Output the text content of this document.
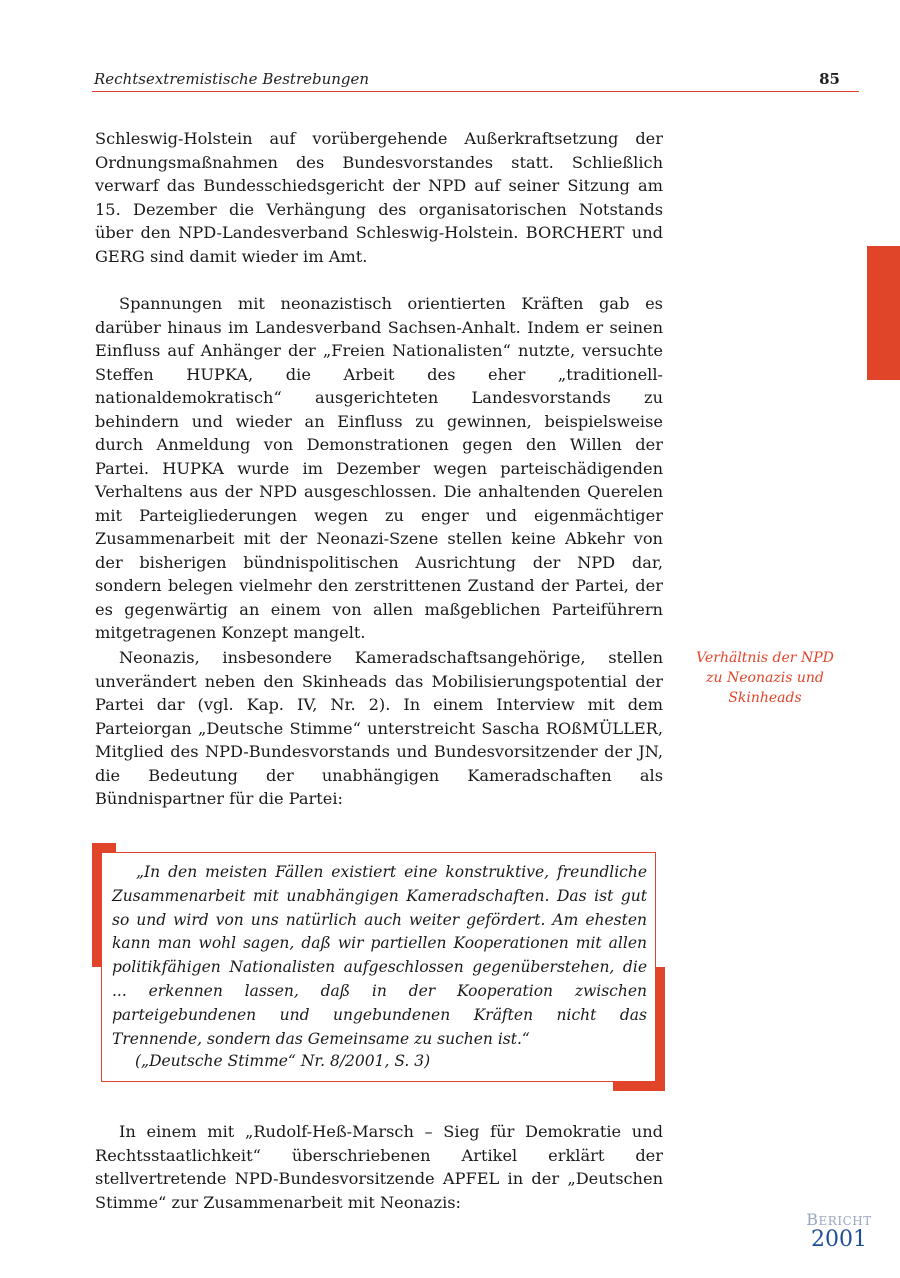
Rechtsextremistische Bestrebungen	85

Schleswig-Holstein auf vorübergehende Außerkraftsetzung der Ordnungsmaßnahmen des Bundesvorstandes statt. Schließlich verwarf das Bundesschiedsgericht der NPD auf seiner Sitzung am 15. Dezember die Verhängung des organisatorischen Notstands über den NPD-Landesverband Schleswig-Holstein. BORCHERT und GERG sind damit wieder im Amt.

Spannungen mit neonazistisch orientierten Kräften gab es darüber hinaus im Landesverband Sachsen-Anhalt. Indem er seinen Einfluss auf Anhänger der „Freien Nationalisten“ nutzte, versuchte Steffen HUPKA, die Arbeit des eher „traditionell-nationaldemokratisch“ ausgerichteten Landesvorstands zu behindern und wieder an Einfluss zu gewinnen, beispielsweise durch Anmeldung von Demonstrationen gegen den Willen der Partei. HUPKA wurde im Dezember wegen parteischädigenden Verhaltens aus der NPD ausgeschlossen. Die anhaltenden Querelen mit Parteigliederungen wegen zu enger und eigenmächtiger Zusammenarbeit mit der Neonazi-Szene stellen keine Abkehr von der bisherigen bündnispolitischen Ausrichtung der NPD dar, sondern belegen vielmehr den zerstrittenen Zustand der Partei, der es gegenwärtig an einem von allen maßgeblichen Parteiführern mitgetragenen Konzept mangelt.

Neonazis, insbesondere Kameradschaftsangehörige, stellen unverändert neben den Skinheads das Mobilisierungspotential der Partei dar (vgl. Kap. IV, Nr. 2). In einem Interview mit dem Parteiorgan „Deutsche Stimme“ unterstreicht Sascha ROßMÜLLER, Mitglied des NPD-Bundesvorstands und Bundesvorsitzender der JN, die Bedeutung der unabhängigen Kameradschaften als Bündnispartner für die Partei:

Verhältnis der NPD zu Neonazis und Skinheads

„In den meisten Fällen existiert eine konstruktive, freundliche Zusammenarbeit mit unabhängigen Kameradschaften. Das ist gut so und wird von uns natürlich auch weiter gefördert. Am ehesten kann man wohl sagen, daß wir partiellen Kooperationen mit allen politikfähigen Nationalisten aufgeschlossen gegenüberstehen, die ... erkennen lassen, daß in der Kooperation zwischen parteigebundenen und ungebundenen Kräften nicht das Trennende, sondern das Gemeinsame zu suchen ist.“

(„Deutsche Stimme“ Nr. 8/2001, S. 3)

In einem mit „Rudolf-Heß-Marsch – Sieg für Demokratie und Rechtsstaatlichkeit“ überschriebenen Artikel erklärt der stellvertretende NPD-Bundesvorsitzende APFEL in der „Deutschen Stimme“ zur Zusammenarbeit mit Neonazis:

BERICHT
2001
